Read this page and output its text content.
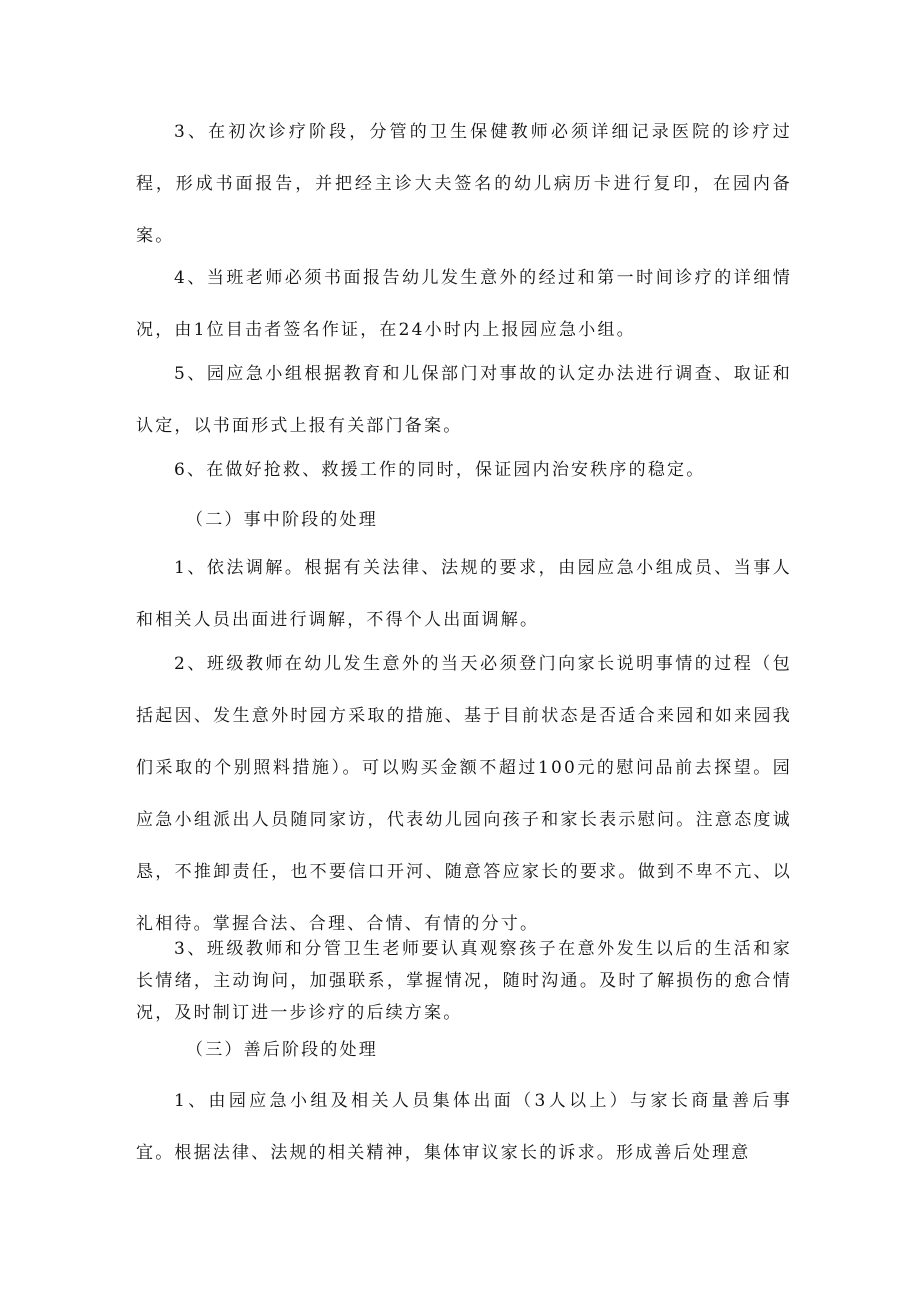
3、在初次诊疗阶段，分管的卫生保健教师必须详细记录医院的诊疗过程，形成书面报告，并把经主诊大夫签名的幼儿病历卡进行复印，在园内备案。

4、当班老师必须书面报告幼儿发生意外的经过和第一时间诊疗的详细情况，由1位目击者签名作证，在24小时内上报园应急小组。

5、园应急小组根据教育和儿保部门对事故的认定办法进行调查、取证和认定，以书面形式上报有关部门备案。

6、在做好抢救、救援工作的同时，保证园内治安秩序的稳定。

（二）事中阶段的处理

1、依法调解。根据有关法律、法规的要求，由园应急小组成员、当事人和相关人员出面进行调解，不得个人出面调解。

2、班级教师在幼儿发生意外的当天必须登门向家长说明事情的过程（包括起因、发生意外时园方采取的措施、基于目前状态是否适合来园和如来园我们采取的个别照料措施）。可以购买金额不超过100元的慰问品前去探望。园应急小组派出人员随同家访，代表幼儿园向孩子和家长表示慰问。注意态度诚恳，不推卸责任，也不要信口开河、随意答应家长的要求。做到不卑不亢、以礼相待。掌握合法、合理、合情、有情的分寸。

3、班级教师和分管卫生老师要认真观察孩子在意外发生以后的生活和家长情绪，主动询问，加强联系，掌握情况，随时沟通。及时了解损伤的愈合情况，及时制订进一步诊疗的后续方案。

（三）善后阶段的处理

1、由园应急小组及相关人员集体出面（3人以上）与家长商量善后事宜。根据法律、法规的相关精神，集体审议家长的诉求。形成善后处理意
